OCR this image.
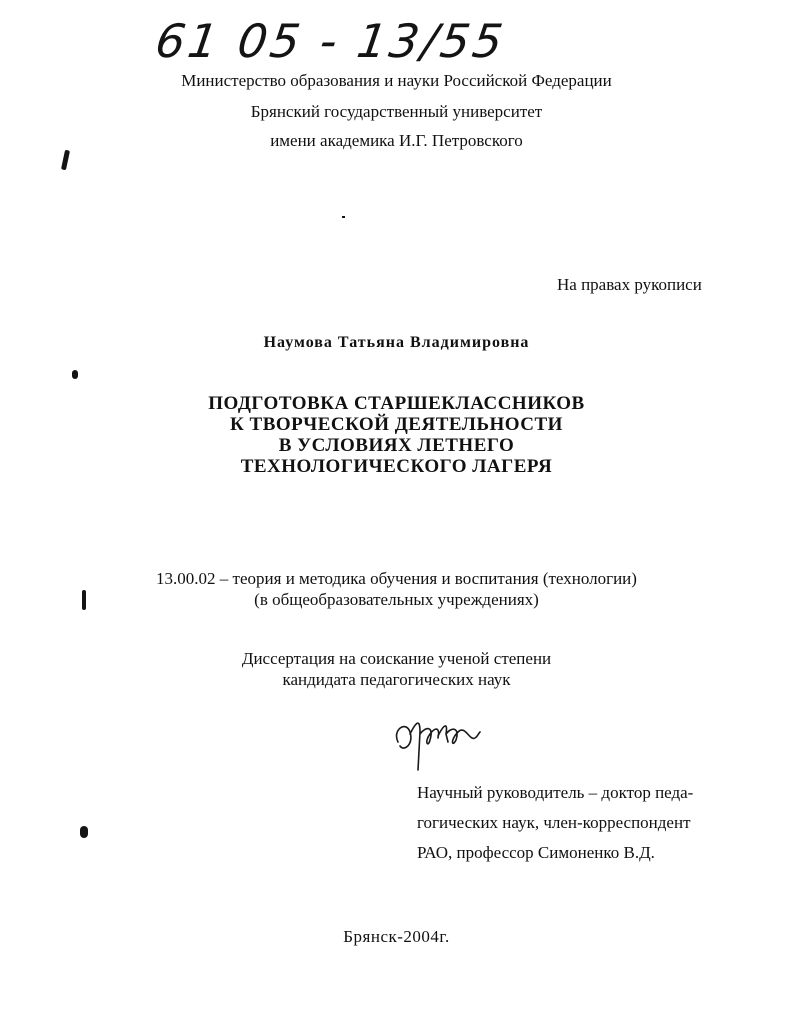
61 05 - 13/55
Министерство образования и науки Российской Федерации
Брянский государственный университет
имени академика И.Г. Петровского
На правах рукописи
Наумова Татьяна Владимировна
ПОДГОТОВКА СТАРШЕКЛАССНИКОВ
К ТВОРЧЕСКОЙ ДЕЯТЕЛЬНОСТИ
В УСЛОВИЯХ ЛЕТНЕГО
ТЕХНОЛОГИЧЕСКОГО ЛАГЕРЯ
13.00.02 – теория и методика обучения и воспитания (технологии)
(в общеобразовательных учреждениях)
Диссертация на соискание ученой степени
кандидата педагогических наук
Научный руководитель – доктор педа-
гогических наук, член-корреспондент
РАО, профессор Симоненко В.Д.
Брянск-2004г.
